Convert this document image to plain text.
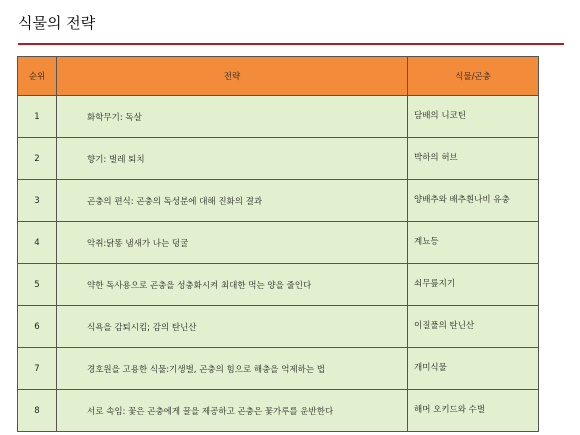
식물의 전략
순위	전략	식물/곤충
1	화학무기: 독살	담배의 니코틴
2	향기: 벌레 퇴치	박하의 허브
3	곤충의 편식: 곤충의 독성분에 대해 진화의 결과	양배추와 배추흰나비 유충
4	악취:닭똥 냄새가 나는 덩굴	계뇨등
5	약한 독사용으로 곤충을 성충화시켜 최대한 먹는 양을 줄인다	쇠무릎지기
6	식욕을 감퇴시킴; 감의 탄닌산	이질풀의 탄닌산
7	경호원을 고용한 식물:기생벌, 곤충의 힘으로 해충을 억제하는 법	개미식물
8	서로 속임: 꽃은 곤충에게 꿀을 제공하고 곤충은 꽃가루를 운반한다	해머 오키드와 수벌
